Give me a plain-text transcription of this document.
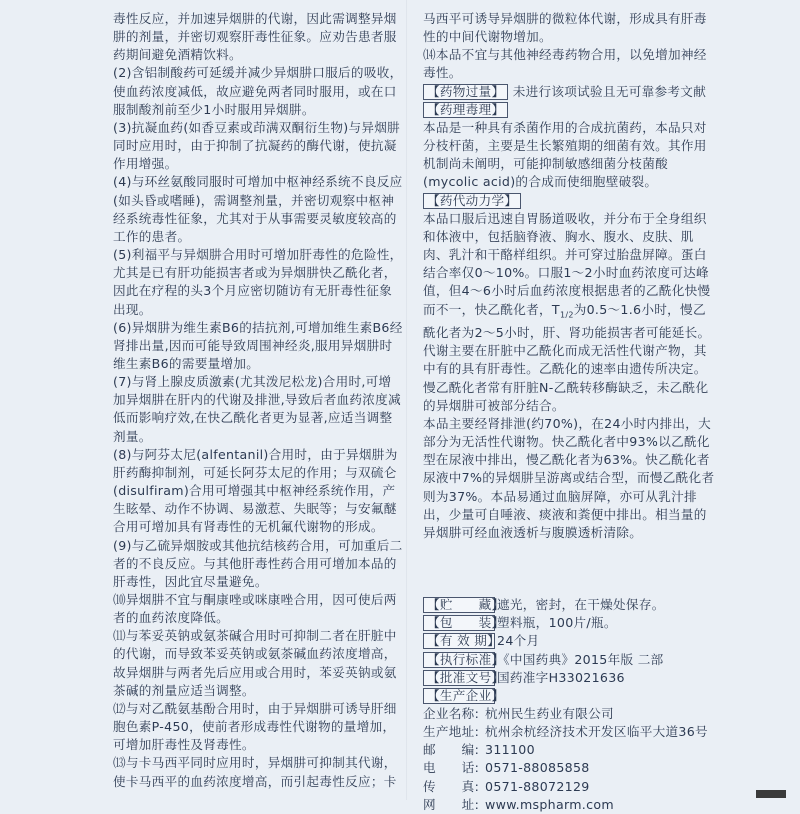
毒性反应，并加速异烟肼的代谢，因此需调整异烟肼的剂量，并密切观察肝毒性征象。应劝告患者服药期间避免酒精饮料。

(2)含铝制酸药可延缓并减少异烟肼口服后的吸收，使血药浓度减低，故应避免两者同时服用，或在口服制酸剂前至少1小时服用异烟肼。

(3)抗凝血药(如香豆素或茚满双酮衍生物)与异烟肼同时应用时，由于抑制了抗凝药的酶代谢，使抗凝作用增强。

(4)与环丝氨酸同服时可增加中枢神经系统不良反应(如头昏或嗜睡)，需调整剂量，并密切观察中枢神经系统毒性征象，尤其对于从事需要灵敏度较高的工作的患者。

(5)利福平与异烟肼合用时可增加肝毒性的危险性，尤其是已有肝功能损害者或为异烟肼快乙酰化者，因此在疗程的头3个月应密切随访有无肝毒性征象出现。

(6)异烟肼为维生素B6的拮抗剂,可增加维生素B6经肾排出量,因而可能导致周围神经炎,服用异烟肼时维生素B6的需要量增加。

(7)与肾上腺皮质激素(尤其泼尼松龙)合用时,可增加异烟肼在肝内的代谢及排泄,导致后者血药浓度减低而影响疗效,在快乙酰化者更为显著,应适当调整剂量。

(8)与阿芬太尼(alfentanil)合用时，由于异烟肼为肝药酶抑制剂，可延长阿芬太尼的作用；与双硫仑(disulfiram)合用可增强其中枢神经系统作用，产生眩晕、动作不协调、易激惹、失眠等；与安氟醚合用可增加具有肾毒性的无机氟代谢物的形成。

(9)与乙硫异烟胺或其他抗结核药合用，可加重后二者的不良反应。与其他肝毒性药合用可增加本品的肝毒性，因此宜尽量避免。

⑽异烟肼不宜与酮康唑或咪康唑合用，因可使后两者的血药浓度降低。

⑾与苯妥英钠或氨茶碱合用时可抑制二者在肝脏中的代谢，而导致苯妥英钠或氨茶碱血药浓度增高，故异烟肼与两者先后应用或合用时，苯妥英钠或氨茶碱的剂量应适当调整。

⑿与对乙酰氨基酚合用时，由于异烟肼可诱导肝细胞色素P-450，使前者形成毒性代谢物的量增加，可增加肝毒性及肾毒性。

⒀与卡马西平同时应用时，异烟肼可抑制其代谢，使卡马西平的血药浓度增高，而引起毒性反应；卡

马西平可诱导异烟肼的微粒体代谢，形成具有肝毒性的中间代谢物增加。

⒁本品不宜与其他神经毒药物合用，以免增加神经毒性。

【药物过量】 未进行该项试验且无可靠参考文献

【药理毒理】

本品是一种具有杀菌作用的合成抗菌药，本品只对分枝杆菌，主要是生长繁殖期的细菌有效。其作用机制尚未阐明，可能抑制敏感细菌分枝菌酸(mycolic acid)的合成而使细胞壁破裂。

【药代动力学】

本品口服后迅速自胃肠道吸收，并分布于全身组织和体液中，包括脑脊液、胸水、腹水、皮肤、肌肉、乳汁和干酪样组织。并可穿过胎盘屏障。蛋白结合率仅0～10%。口服1～2小时血药浓度可达峰值，但4～6小时后血药浓度根据患者的乙酰化快慢而不一，快乙酰化者，$T_{1/2}$为0.5～1.6小时，慢乙酰化者为2～5小时，肝、肾功能损害者可能延长。代谢主要在肝脏中乙酰化而成无活性代谢产物，其中有的具有肝毒性。乙酰化的速率由遗传所决定。慢乙酰化者常有肝脏N-乙酰转移酶缺乏，未乙酰化的异烟肼可被部分结合。

本品主要经肾排泄(约70%)，在24小时内排出，大部分为无活性代谢物。快乙酰化者中93%以乙酰化型在尿液中排出，慢乙酰化者为63%。快乙酰化者尿液中7%的异烟肼呈游离或结合型，而慢乙酰化者则为37%。本品易通过血脑屏障，亦可从乳汁排出，少量可自唾液、痰液和粪便中排出。相当量的异烟肼可经血液透析与腹膜透析清除。

【贮　　藏】
遮光，密封，在干燥处保存。
【包　　装】
塑料瓶，100片/瓶。
【有 效 期】
24个月
【执行标准】
《中国药典》2015年版 二部
【批准文号】
国药准字H33021636
【生产企业】
企业名称: 杭州民生药业有限公司
生产地址: 杭州余杭经济技术开发区临平大道36号
邮　　编: 311100
电　　话: 0571-88085858
传　　真: 0571-88072129
网　　址: www.mspharm.com
